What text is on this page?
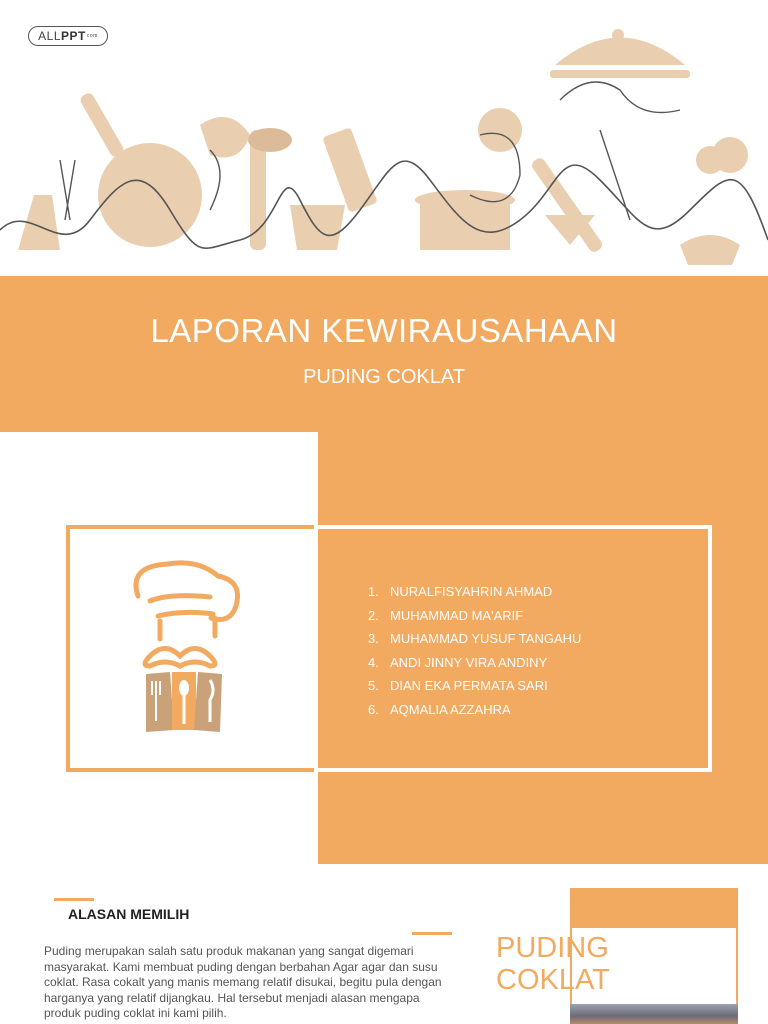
ALL PPT com
LAPORAN KEWIRAUSAHAAN
PUDING COKLAT
1. NURALFISYAHRIN AHMAD
2. MUHAMMAD MA'ARIF
3. MUHAMMAD YUSUF TANGAHU
4. ANDI JINNY VIRA ANDINY
5. DIAN EKA PERMATA SARI
6. AQMALIA AZZAHRA
ALASAN MEMILIH
Puding merupakan salah satu produk makanan yang sangat digemari masyarakat. Kami membuat puding dengan berbahan Agar agar dan susu coklat. Rasa cokalt yang manis memang relatif disukai, begitu pula dengan harganya yang relatif dijangkau. Hal tersebut menjadi alasan mengapa produk puding coklat ini kami pilih.
PUDING
COKLAT
